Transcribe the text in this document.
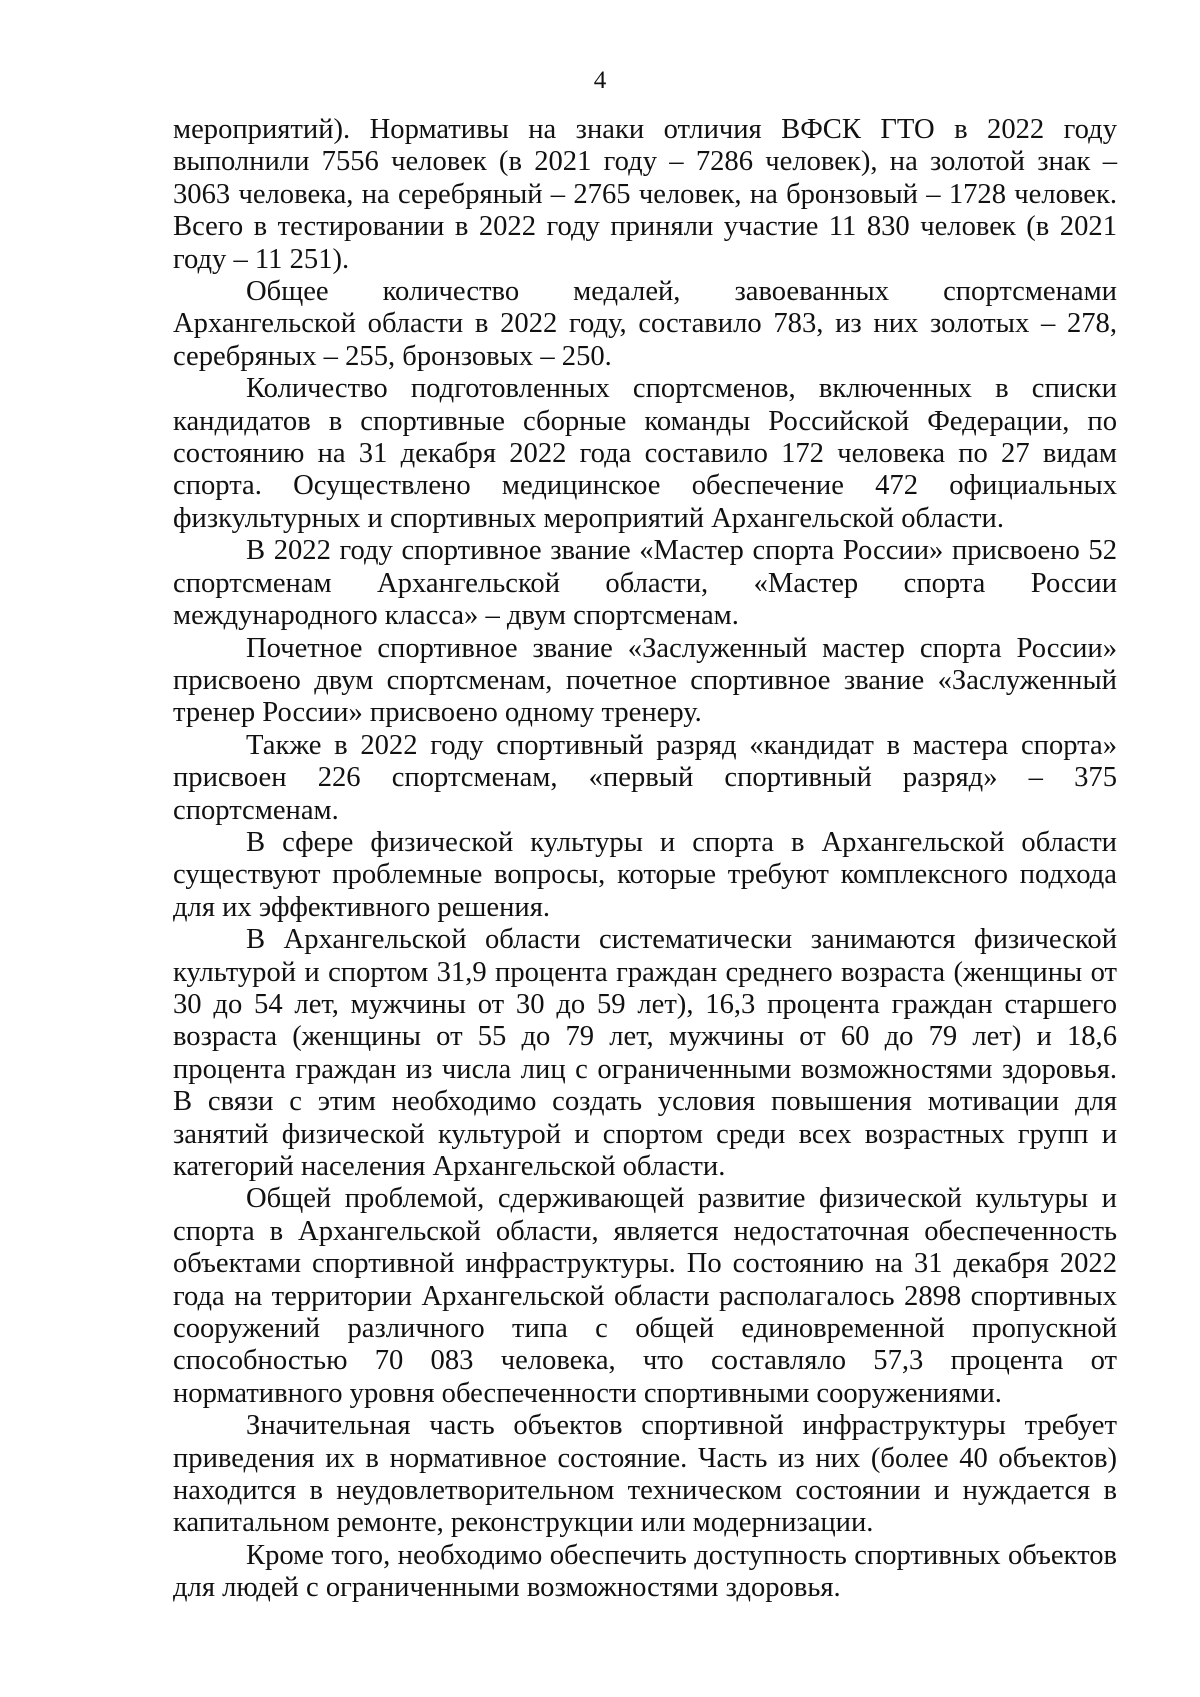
4

мероприятий). Нормативы на знаки отличия ВФСК ГТО в 2022 году выполнили 7556 человек (в 2021 году – 7286 человек), на золотой знак – 3063 человека, на серебряный – 2765 человек, на бронзовый – 1728 человек. Всего в тестировании в 2022 году приняли участие 11 830 человек (в 2021 году – 11 251).

Общее количество медалей, завоеванных спортсменами Архангельской области в 2022 году, составило 783, из них золотых – 278, серебряных – 255, бронзовых – 250.

Количество подготовленных спортсменов, включенных в списки кандидатов в спортивные сборные команды Российской Федерации, по состоянию на 31 декабря 2022 года составило 172 человека по 27 видам спорта. Осуществлено медицинское обеспечение 472 официальных физкультурных и спортивных мероприятий Архангельской области.

В 2022 году спортивное звание «Мастер спорта России» присвоено 52 спортсменам Архангельской области, «Мастер спорта России международного класса» – двум спортсменам.

Почетное спортивное звание «Заслуженный мастер спорта России» присвоено двум спортсменам, почетное спортивное звание «Заслуженный тренер России» присвоено одному тренеру.

Также в 2022 году спортивный разряд «кандидат в мастера спорта» присвоен 226 спортсменам, «первый спортивный разряд» – 375 спортсменам.

В сфере физической культуры и спорта в Архангельской области существуют проблемные вопросы, которые требуют комплексного подхода для их эффективного решения.

В Архангельской области систематически занимаются физической культурой и спортом 31,9 процента граждан среднего возраста (женщины от 30 до 54 лет, мужчины от 30 до 59 лет), 16,3 процента граждан старшего возраста (женщины от 55 до 79 лет, мужчины от 60 до 79 лет) и 18,6 процента граждан из числа лиц с ограниченными возможностями здоровья. В связи с этим необходимо создать условия повышения мотивации для занятий физической культурой и спортом среди всех возрастных групп и категорий населения Архангельской области.

Общей проблемой, сдерживающей развитие физической культуры и спорта в Архангельской области, является недостаточная обеспеченность объектами спортивной инфраструктуры. По состоянию на 31 декабря 2022 года на территории Архангельской области располагалось 2898 спортивных сооружений различного типа с общей единовременной пропускной способностью 70 083 человека, что составляло 57,3 процента от нормативного уровня обеспеченности спортивными сооружениями.

Значительная часть объектов спортивной инфраструктуры требует приведения их в нормативное состояние. Часть из них (более 40 объектов) находится в неудовлетворительном техническом состоянии и нуждается в капитальном ремонте, реконструкции или модернизации.

Кроме того, необходимо обеспечить доступность спортивных объектов для людей с ограниченными возможностями здоровья.
